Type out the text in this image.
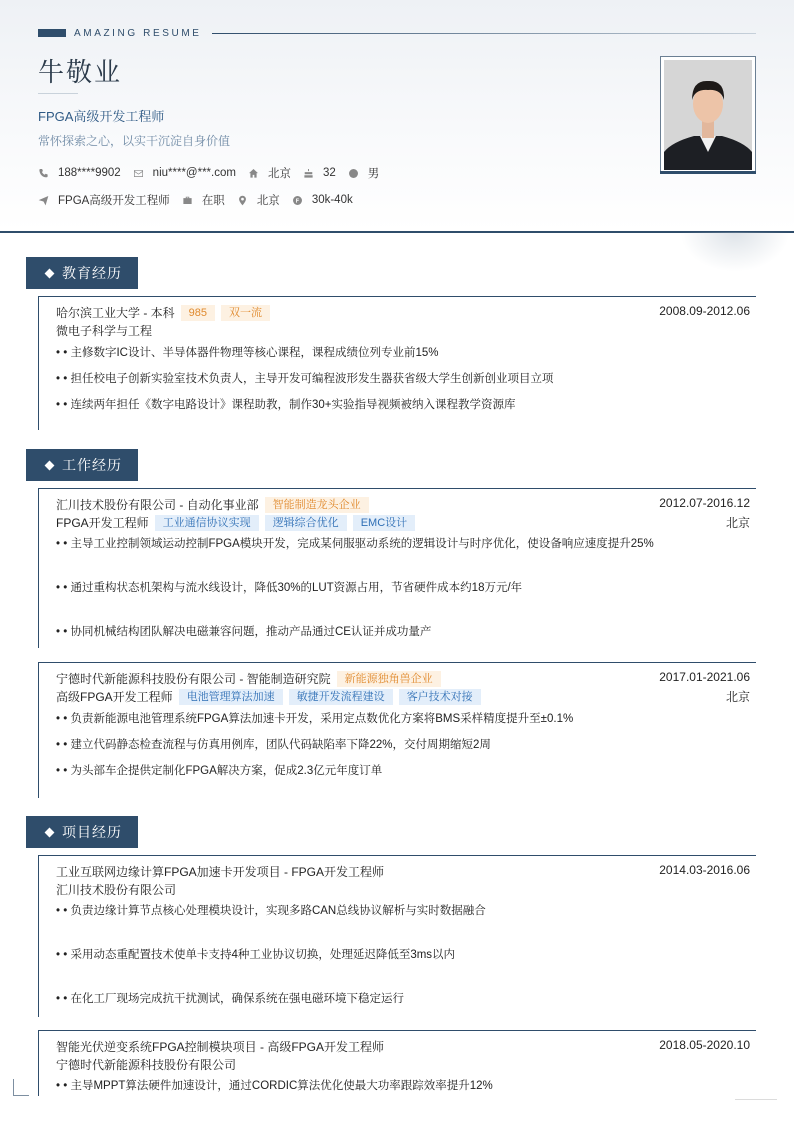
AMAZING RESUME
牛敬业
FPGA高级开发工程师
常怀探索之心，以实干沉淀自身价值
188****9902	niu****@***.com	北京	32	男
FPGA高级开发工程师	在职	北京	30k-40k
教育经历
哈尔滨工业大学 - 本科	985	双一流	2008.09-2012.06
微电子科学与工程
• • 主修数字IC设计、半导体器件物理等核心课程，课程成绩位列专业前15%
• • 担任校电子创新实验室技术负责人，主导开发可编程波形发生器获省级大学生创新创业项目立项
• • 连续两年担任《数字电路设计》课程助教，制作30+实验指导视频被纳入课程教学资源库
工作经历
汇川技术股份有限公司 - 自动化事业部	智能制造龙头企业	2012.07-2016.12
FPGA开发工程师	工业通信协议实现	逻辑综合优化	EMC设计	北京
• • 主导工业控制领域运动控制FPGA模块开发，完成某伺服驱动系统的逻辑设计与时序优化，使设备响应速度提升25%
• • 通过重构状态机架构与流水线设计，降低30%的LUT资源占用，节省硬件成本约18万元/年
• • 协同机械结构团队解决电磁兼容问题，推动产品通过CE认证并成功量产
宁德时代新能源科技股份有限公司 - 智能制造研究院	新能源独角兽企业	2017.01-2021.06
高级FPGA开发工程师	电池管理算法加速	敏捷开发流程建设	客户技术对接	北京
• • 负责新能源电池管理系统FPGA算法加速卡开发，采用定点数优化方案将BMS采样精度提升至±0.1%
• • 建立代码静态检查流程与仿真用例库，团队代码缺陷率下降22%，交付周期缩短2周
• • 为头部车企提供定制化FPGA解决方案，促成2.3亿元年度订单
项目经历
工业互联网边缘计算FPGA加速卡开发项目 - FPGA开发工程师	2014.03-2016.06
汇川技术股份有限公司
• • 负责边缘计算节点核心处理模块设计，实现多路CAN总线协议解析与实时数据融合
• • 采用动态重配置技术使单卡支持4种工业协议切换，处理延迟降低至3ms以内
• • 在化工厂现场完成抗干扰测试，确保系统在强电磁环境下稳定运行
智能光伏逆变系统FPGA控制模块项目 - 高级FPGA开发工程师	2018.05-2020.10
宁德时代新能源科技股份有限公司
• • 主导MPPT算法硬件加速设计，通过CORDIC算法优化使最大功率跟踪效率提升12%
